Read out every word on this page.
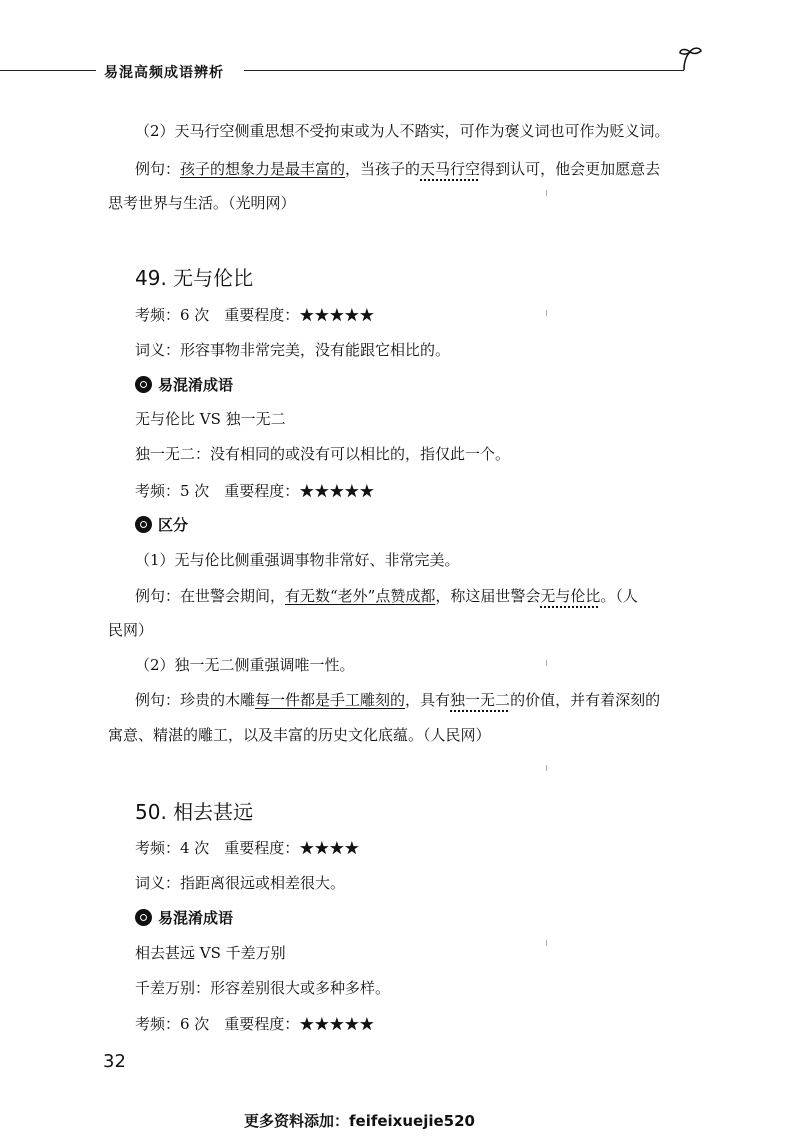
易混高频成语辨析
（2）天马行空侧重思想不受拘束或为人不踏实，可作为褒义词也可作为贬义词。
例句：孩子的想象力是最丰富的，当孩子的天马行空得到认可，他会更加愿意去
思考世界与生活。（光明网）
49. 无与伦比
考频：6 次　重要程度：★★★★★
词义：形容事物非常完美，没有能跟它相比的。
易混淆成语
无与伦比 VS 独一无二
独一无二：没有相同的或没有可以相比的，指仅此一个。
考频：5 次　重要程度：★★★★★
区分
（1）无与伦比侧重强调事物非常好、非常完美。
例句：在世警会期间，有无数“老外”点赞成都，称这届世警会无与伦比。（人
民网）
（2）独一无二侧重强调唯一性。
例句：珍贵的木雕每一件都是手工雕刻的，具有独一无二的价值，并有着深刻的
寓意、精湛的雕工，以及丰富的历史文化底蕴。（人民网）
50. 相去甚远
考频：4 次　重要程度：★★★★
词义：指距离很远或相差很大。
易混淆成语
相去甚远 VS 千差万别
千差万别：形容差别很大或多种多样。
考频：6 次　重要程度：★★★★★
32
更多资料添加：feifeixuejie520
